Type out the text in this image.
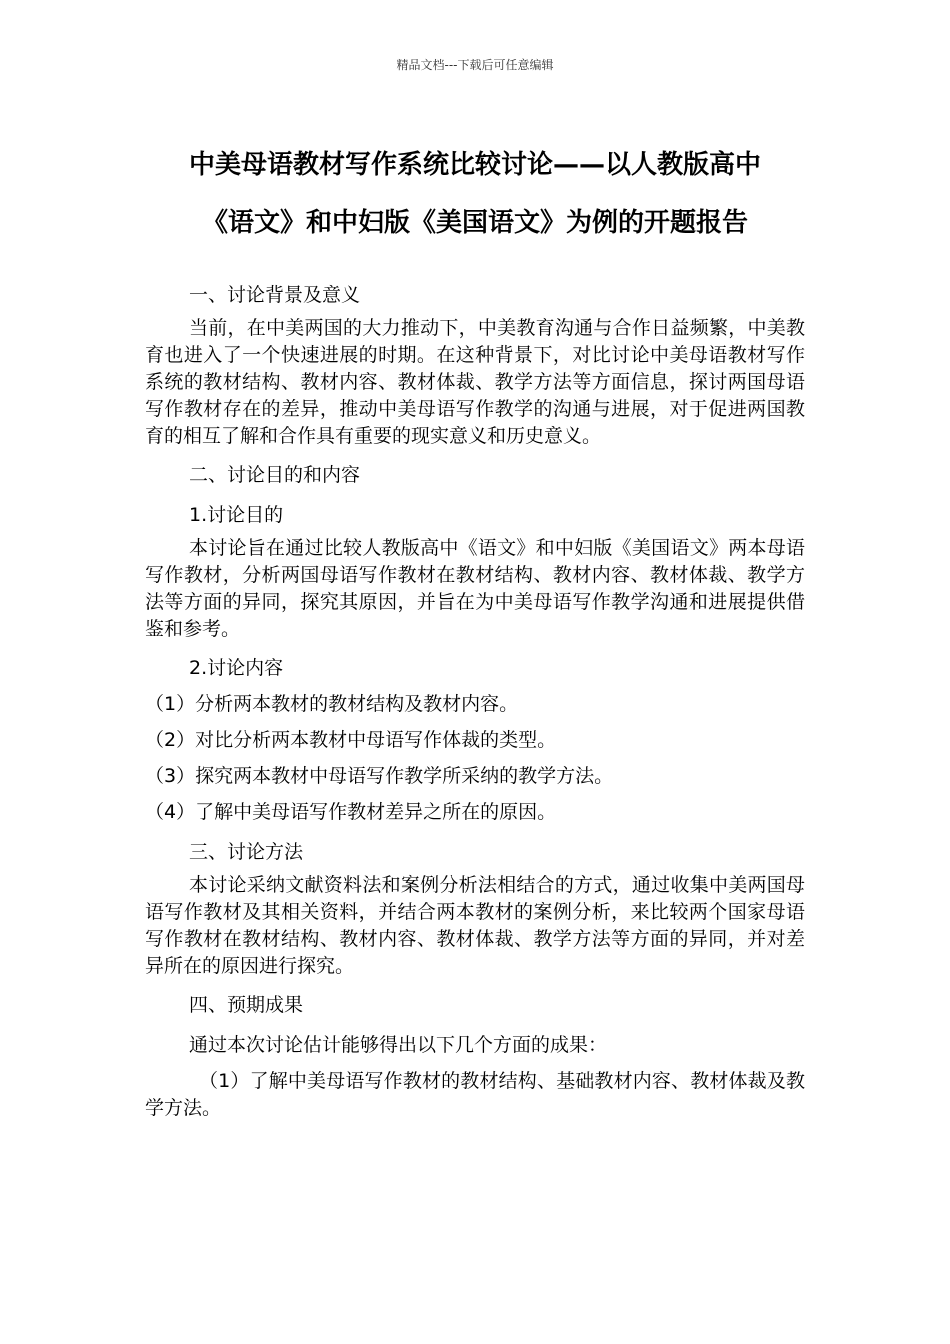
精品文档---下载后可任意编辑
中美母语教材写作系统比较讨论——以人教版高中
《语文》和中妇版《美国语文》为例的开题报告

一、讨论背景及意义

当前，在中美两国的大力推动下，中美教育沟通与合作日益频繁，中美教育也进入了一个快速进展的时期。在这种背景下，对比讨论中美母语教材写作系统的教材结构、教材内容、教材体裁、教学方法等方面信息，探讨两国母语写作教材存在的差异，推动中美母语写作教学的沟通与进展，对于促进两国教育的相互了解和合作具有重要的现实意义和历史意义。

二、讨论目的和内容

1.讨论目的

本讨论旨在通过比较人教版高中《语文》和中妇版《美国语文》两本母语写作教材，分析两国母语写作教材在教材结构、教材内容、教材体裁、教学方法等方面的异同，探究其原因，并旨在为中美母语写作教学沟通和进展提供借鉴和参考。

2.讨论内容

（1）分析两本教材的教材结构及教材内容。

（2）对比分析两本教材中母语写作体裁的类型。

（3）探究两本教材中母语写作教学所采纳的教学方法。

（4）了解中美母语写作教材差异之所在的原因。

三、讨论方法

本讨论采纳文献资料法和案例分析法相结合的方式，通过收集中美两国母语写作教材及其相关资料，并结合两本教材的案例分析，来比较两个国家母语写作教材在教材结构、教材内容、教材体裁、教学方法等方面的异同，并对差异所在的原因进行探究。

四、预期成果

通过本次讨论估计能够得出以下几个方面的成果：

（1）了解中美母语写作教材的教材结构、基础教材内容、教材体裁及教学方法。
